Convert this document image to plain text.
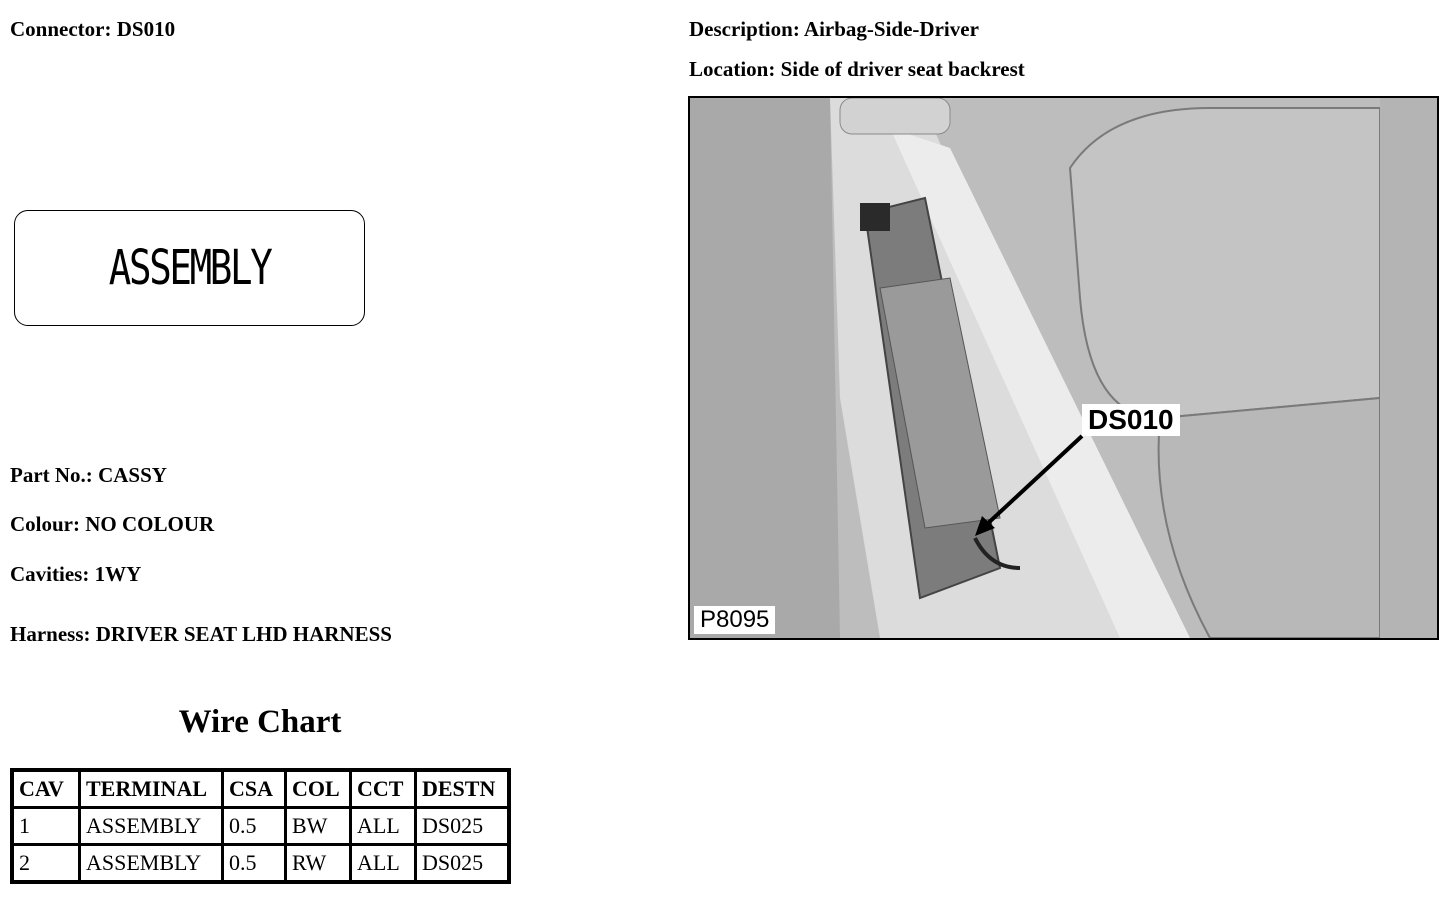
Connector: DS010	Description: Airbag-Side-Driver
Location: Side of driver seat backrest
ASSEMBLY
Part No.: CASSY
Colour: NO COLOUR
Cavities: 1WY
Harness: DRIVER SEAT LHD HARNESS
Wire Chart
CAV	TERMINAL	CSA	COL	CCT	DESTN
1	ASSEMBLY	0.5	BW	ALL	DS025
2	ASSEMBLY	0.5	RW	ALL	DS025
DS010
P8095
